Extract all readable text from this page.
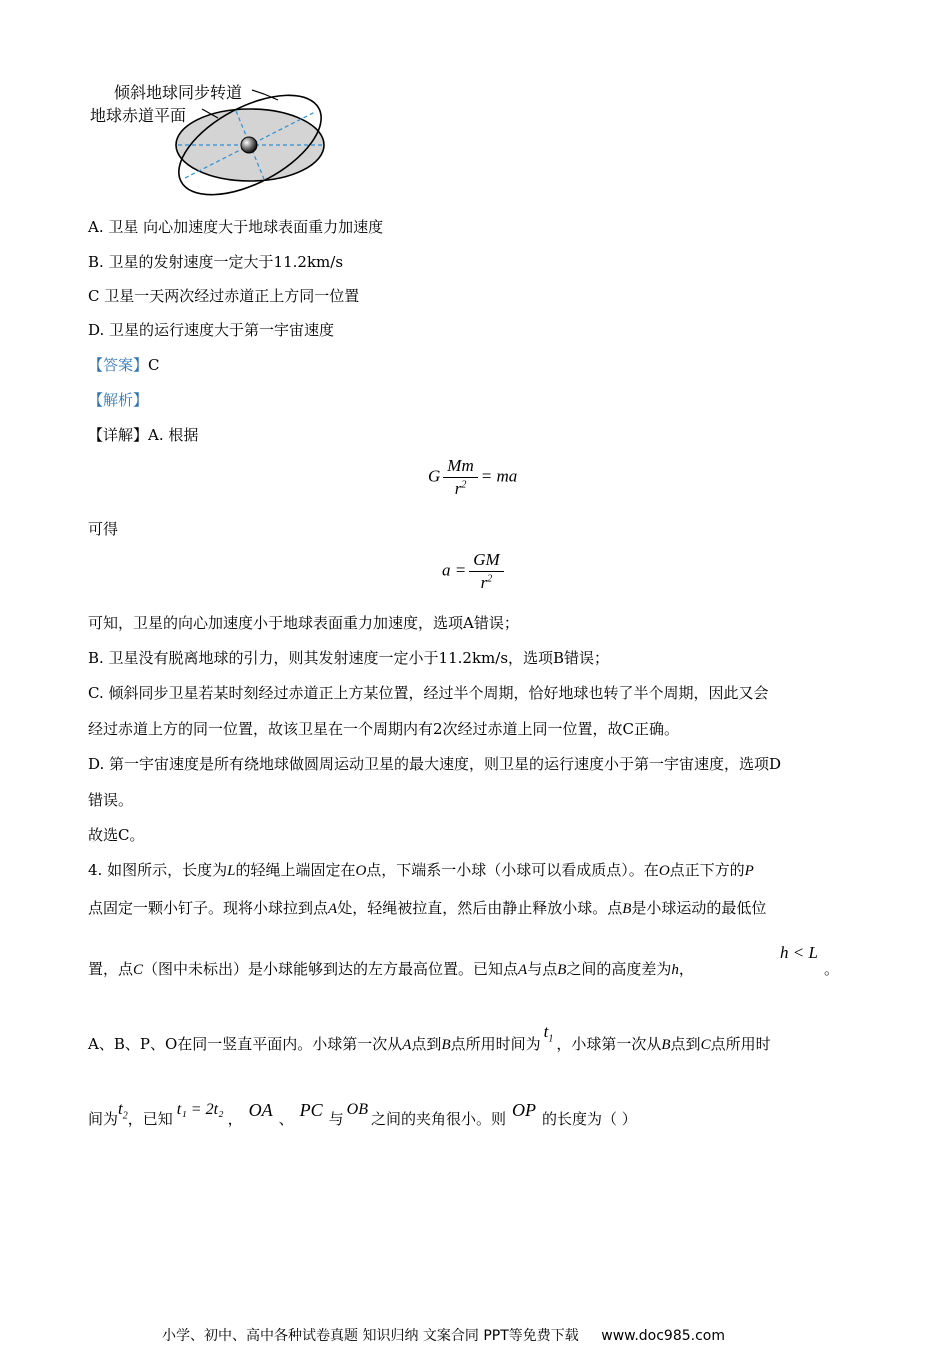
倾斜地球同步转道
地球赤道平面
A. 卫星 向心加速度大于地球表面重力加速度
B. 卫星的发射速度一定大于11.2km/s
C 卫星一天两次经过赤道正上方同一位置
D. 卫星的运行速度大于第一宇宙速度
【答案】C
【解析】
【详解】A. 根据
G $\frac{Mm}{r^2}$ = ma
可得
$a = \frac{GM}{r^2}$
可知，卫星的向心加速度小于地球表面重力加速度，选项A错误；
B. 卫星没有脱离地球的引力，则其发射速度一定小于11.2km/s，选项B错误；
C. 倾斜同步卫星若某时刻经过赤道正上方某位置，经过半个周期，恰好地球也转了半个周期，因此又会
经过赤道上方的同一位置，故该卫星在一个周期内有2次经过赤道上同一位置，故C正确。
D. 第一宇宙速度是所有绕地球做圆周运动卫星的最大速度，则卫星的运行速度小于第一宇宙速度，选项D
错误。
故选C。
4. 如图所示，长度为L的轻绳上端固定在O点，下端系一小球（小球可以看成质点）。在O点正下方的P
点固定一颗小钉子。现将小球拉到点A处，轻绳被拉直，然后由静止释放小球。点B是小球运动的最低位
置，点C（图中未标出）是小球能够到达的左方最高位置。已知点A与点B之间的高度差为h，
h < L
。
A、B、P、O在同一竖直平面内。小球第一次从A点到B点所用时间为$t_1$ ，小球第一次从B点到C点所用时
间为$t_2$，已知t₁ = 2t₂， OA 、 PC 与OB之间的夹角很小。则 OP 的长度为（ ）
小学、初中、高中各种试卷真题 知识归纳 文案合同 PPT等免费下载 www.doc985.com
